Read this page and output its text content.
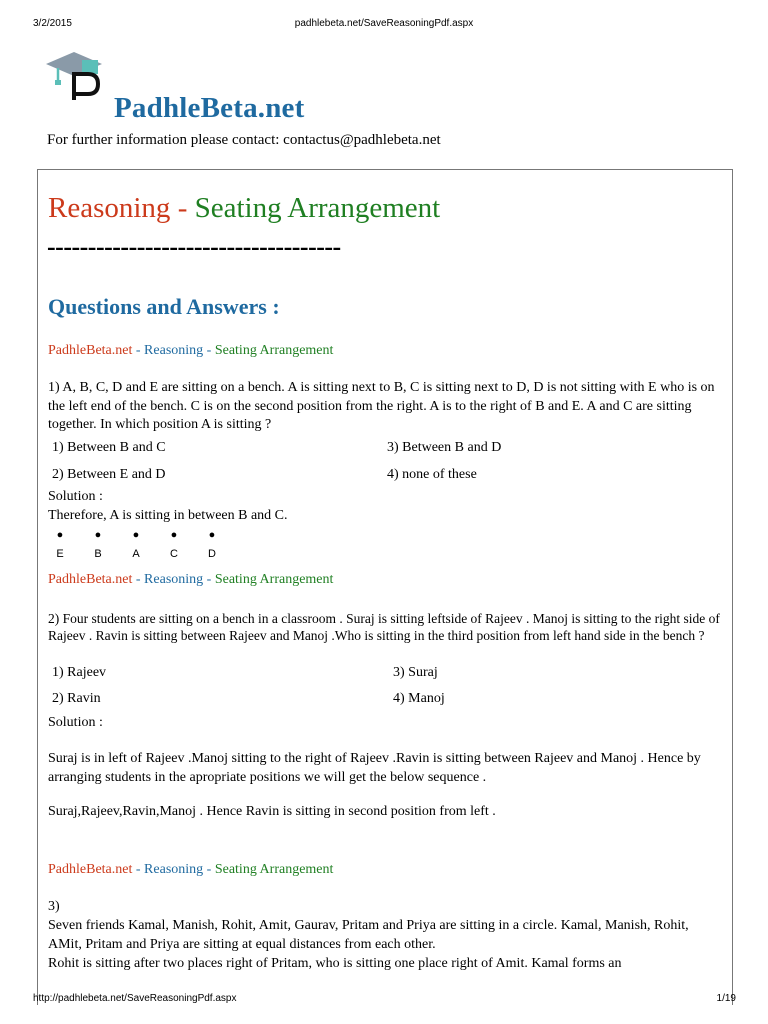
3/2/2015	padhlebeta.net/SaveReasoningPdf.aspx
PadhleBeta.net
For further information please contact: contactus@padhlebeta.net
Reasoning - Seating Arrangement
------------------------------------
Questions and Answers :
PadhleBeta.net - Reasoning - Seating Arrangement
1) A, B, C, D and E are sitting on a bench. A is sitting next to B, C is sitting next to D, D is not sitting with E who is on the left end of the bench. C is on the second position from the right. A is to the right of B and E. A and C are sitting together. In which position A is sitting ?
1) Between B and C	3) Between B and D
2) Between E and D	4) none of these
Solution :
Therefore, A is sitting in between B and C.
●
E
●
B
●
A
●
C
●
D
PadhleBeta.net - Reasoning - Seating Arrangement
2) Four students are sitting on a bench in a classroom . Suraj is sitting leftside of Rajeev . Manoj is sitting to the right side of Rajeev . Ravin is sitting between Rajeev and Manoj .Who is sitting in the third position from left hand side in the bench ?
1) Rajeev	3) Suraj
2) Ravin	4) Manoj
Solution :
Suraj is in left of Rajeev .Manoj sitting to the right of Rajeev .Ravin is sitting between Rajeev and Manoj . Hence by arranging students in the apropriate positions we will get the below sequence .
Suraj,Rajeev,Ravin,Manoj . Hence Ravin is sitting in second position from left .
PadhleBeta.net - Reasoning - Seating Arrangement
3)
Seven friends Kamal, Manish, Rohit, Amit, Gaurav, Pritam and Priya are sitting in a circle. Kamal, Manish, Rohit, AMit, Pritam and Priya are sitting at equal distances from each other.
Rohit is sitting after two places right of Pritam, who is sitting one place right of Amit. Kamal forms an
http://padhlebeta.net/SaveReasoningPdf.aspx	1/19
